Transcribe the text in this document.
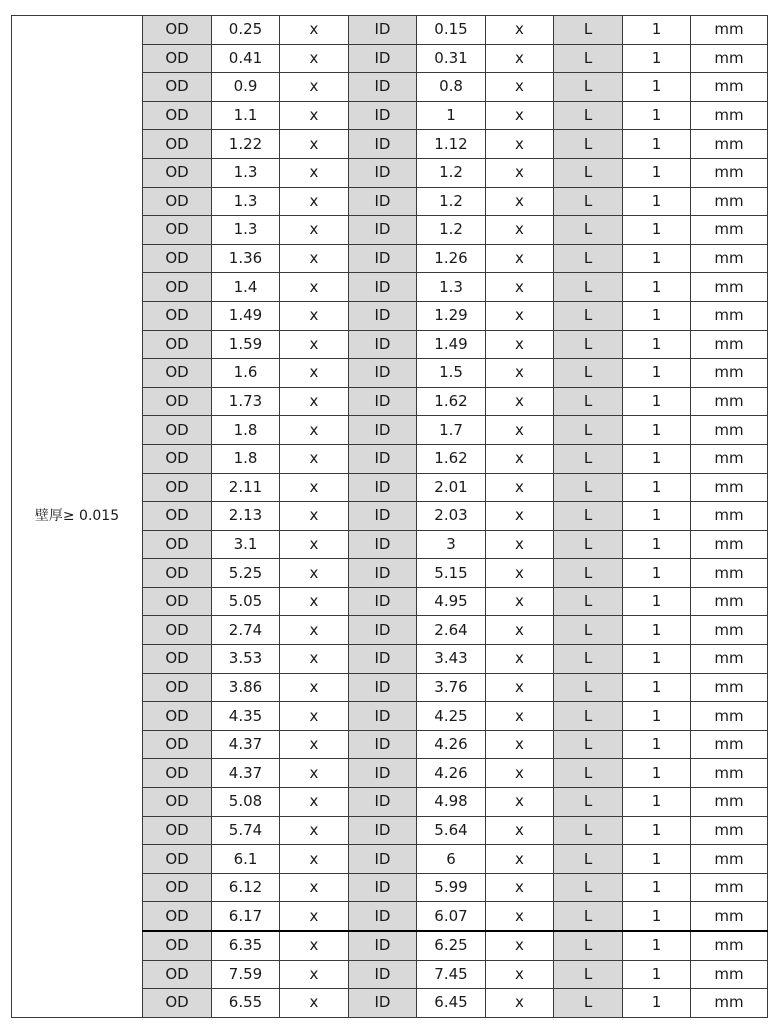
壁厚≥ 0.015	OD	0.25	x	ID	0.15	x	L	1	mm
	OD	0.41	x	ID	0.31	x	L	1	mm
	OD	0.9	x	ID	0.8	x	L	1	mm
	OD	1.1	x	ID	1	x	L	1	mm
	OD	1.22	x	ID	1.12	x	L	1	mm
	OD	1.3	x	ID	1.2	x	L	1	mm
	OD	1.3	x	ID	1.2	x	L	1	mm
	OD	1.3	x	ID	1.2	x	L	1	mm
	OD	1.36	x	ID	1.26	x	L	1	mm
	OD	1.4	x	ID	1.3	x	L	1	mm
	OD	1.49	x	ID	1.29	x	L	1	mm
	OD	1.59	x	ID	1.49	x	L	1	mm
	OD	1.6	x	ID	1.5	x	L	1	mm
	OD	1.73	x	ID	1.62	x	L	1	mm
	OD	1.8	x	ID	1.7	x	L	1	mm
	OD	1.8	x	ID	1.62	x	L	1	mm
	OD	2.11	x	ID	2.01	x	L	1	mm
	OD	2.13	x	ID	2.03	x	L	1	mm
	OD	3.1	x	ID	3	x	L	1	mm
	OD	5.25	x	ID	5.15	x	L	1	mm
	OD	5.05	x	ID	4.95	x	L	1	mm
	OD	2.74	x	ID	2.64	x	L	1	mm
	OD	3.53	x	ID	3.43	x	L	1	mm
	OD	3.86	x	ID	3.76	x	L	1	mm
	OD	4.35	x	ID	4.25	x	L	1	mm
	OD	4.37	x	ID	4.26	x	L	1	mm
	OD	4.37	x	ID	4.26	x	L	1	mm
	OD	5.08	x	ID	4.98	x	L	1	mm
	OD	5.74	x	ID	5.64	x	L	1	mm
	OD	6.1	x	ID	6	x	L	1	mm
	OD	6.12	x	ID	5.99	x	L	1	mm
	OD	6.17	x	ID	6.07	x	L	1	mm
	OD	6.35	x	ID	6.25	x	L	1	mm
	OD	7.59	x	ID	7.45	x	L	1	mm
	OD	6.55	x	ID	6.45	x	L	1	mm
